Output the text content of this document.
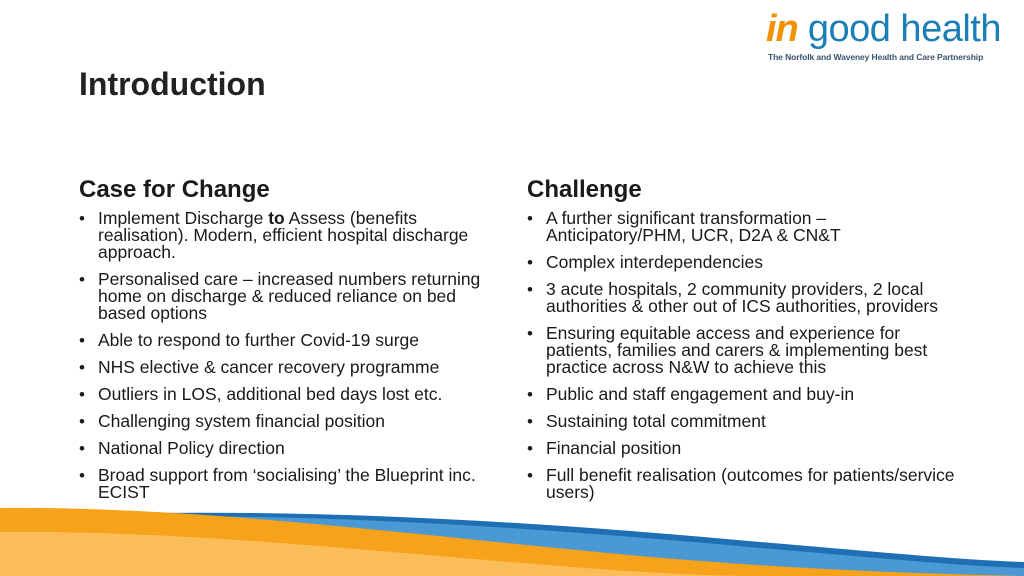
in good health
The Norfolk and Waveney Health and Care Partnership
Introduction
Case for Change
• Implement Discharge to Assess (benefits realisation). Modern, efficient hospital discharge approach.
• Personalised care – increased numbers returning home on discharge & reduced reliance on bed based options
• Able to respond to further Covid-19 surge
• NHS elective & cancer recovery programme
• Outliers in LOS, additional bed days lost etc.
• Challenging system financial position
• National Policy direction
• Broad support from ‘socialising’ the Blueprint inc. ECIST
Challenge
• A further significant transformation – Anticipatory/PHM, UCR, D2A & CN&T
• Complex interdependencies
• 3 acute hospitals, 2 community providers, 2 local authorities & other out of ICS authorities, providers
• Ensuring equitable access and experience for patients, families and carers & implementing best practice across N&W to achieve this
• Public and staff engagement and buy-in
• Sustaining total commitment
• Financial position
• Full benefit realisation (outcomes for patients/service users)
